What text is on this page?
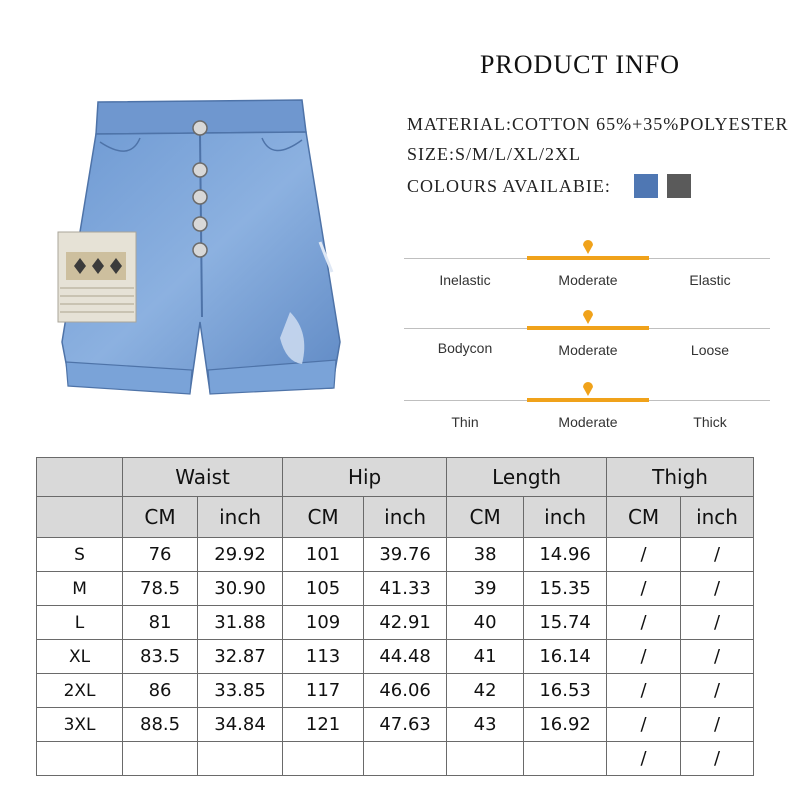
PRODUCT INFO
MATERIAL:COTTON 65%+35%POLYESTER
SIZE:S/M/L/XL/2XL
COLOURS AVAILABIE:
Inelastic	Moderate	Elastic
Bodycon	Moderate	Loose
Thin	Moderate	Thick
	Waist		Hip		Length		Thigh	
	CM	inch	CM	inch	CM	inch	CM	inch
S	76	29.92	101	39.76	38	14.96	/	/
M	78.5	30.90	105	41.33	39	15.35	/	/
L	81	31.88	109	42.91	40	15.74	/	/
XL	83.5	32.87	113	44.48	41	16.14	/	/
2XL	86	33.85	117	46.06	42	16.53	/	/
3XL	88.5	34.84	121	47.63	43	16.92	/	/
							/	/
